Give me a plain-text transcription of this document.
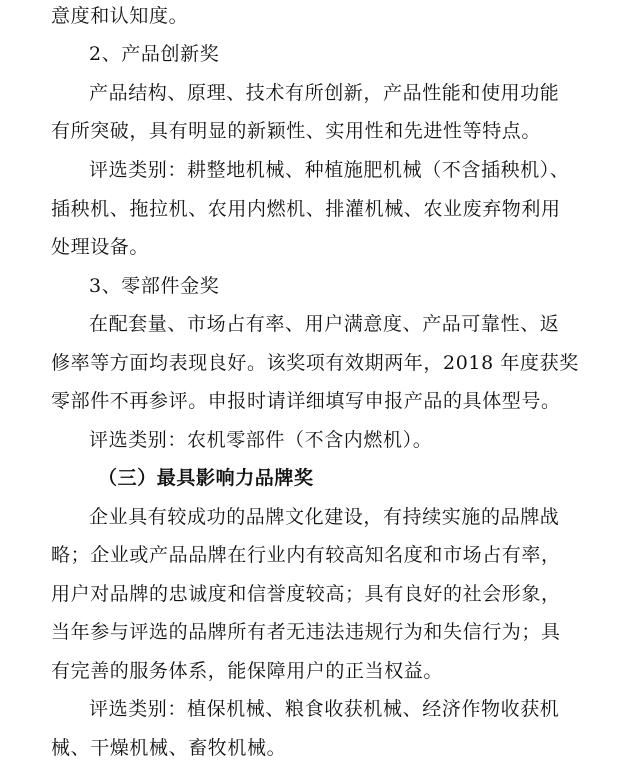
意度和认知度。
2、产品创新奖
产品结构、原理、技术有所创新，产品性能和使用功能
有所突破，具有明显的新颖性、实用性和先进性等特点。
评选类别：耕整地机械、种植施肥机械（不含插秧机）、
插秧机、拖拉机、农用内燃机、排灌机械、农业废弃物利用
处理设备。
3、零部件金奖
在配套量、市场占有率、用户满意度、产品可靠性、返
修率等方面均表现良好。该奖项有效期两年，2018 年度获奖
零部件不再参评。申报时请详细填写申报产品的具体型号。
评选类别：农机零部件（不含内燃机）。
（三）最具影响力品牌奖
企业具有较成功的品牌文化建设，有持续实施的品牌战
略；企业或产品品牌在行业内有较高知名度和市场占有率，
用户对品牌的忠诚度和信誉度较高；具有良好的社会形象，
当年参与评选的品牌所有者无违法违规行为和失信行为；具
有完善的服务体系，能保障用户的正当权益。
评选类别：植保机械、粮食收获机械、经济作物收获机
械、干燥机械、畜牧机械。
